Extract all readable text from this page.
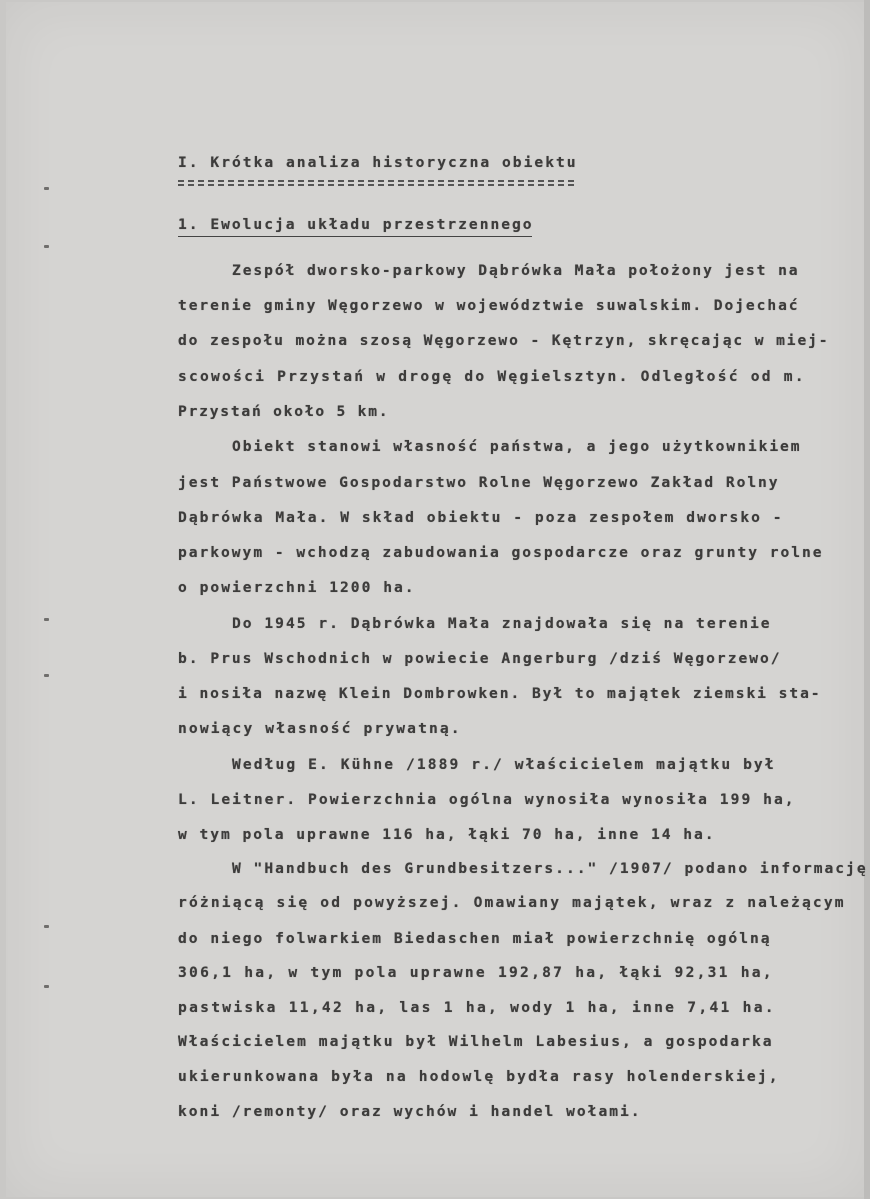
I. Krótka analiza historyczna obiektu
1. Ewolucja układu przestrzennego
Zespół dworsko-parkowy Dąbrówka Mała położony jest na
terenie gminy Węgorzewo w województwie suwalskim. Dojechać
do zespołu można szosą Węgorzewo - Kętrzyn, skręcając w miej-
scowości Przystań w drogę do Węgielsztyn. Odległość od m.
Przystań około 5 km.
Obiekt stanowi własność państwa, a jego użytkownikiem
jest Państwowe Gospodarstwo Rolne Węgorzewo Zakład Rolny
Dąbrówka Mała. W skład obiektu - poza zespołem dworsko -
parkowym - wchodzą zabudowania gospodarcze oraz grunty rolne
o powierzchni 1200 ha.
Do 1945 r. Dąbrówka Mała znajdowała się na terenie
b. Prus Wschodnich w powiecie Angerburg /dziś Węgorzewo/
i nosiła nazwę Klein Dombrowken. Był to majątek ziemski sta-
nowiący własność prywatną.
Według E. Kühne /1889 r./ właścicielem majątku był
L. Leitner. Powierzchnia ogólna wynosiła wynosiła 199 ha,
w tym pola uprawne 116 ha, łąki 70 ha, inne 14 ha.
W "Handbuch des Grundbesitzers..." /1907/ podano informację
różniącą się od powyższej. Omawiany majątek, wraz z należącym
do niego folwarkiem Biedaschen miał powierzchnię ogólną
306,1 ha, w tym pola uprawne 192,87 ha, łąki 92,31 ha,
pastwiska 11,42 ha, las 1 ha, wody 1 ha, inne 7,41 ha.
Właścicielem majątku był Wilhelm Labesius, a gospodarka
ukierunkowana była na hodowlę bydła rasy holenderskiej,
koni /remonty/ oraz wychów i handel wołami.
